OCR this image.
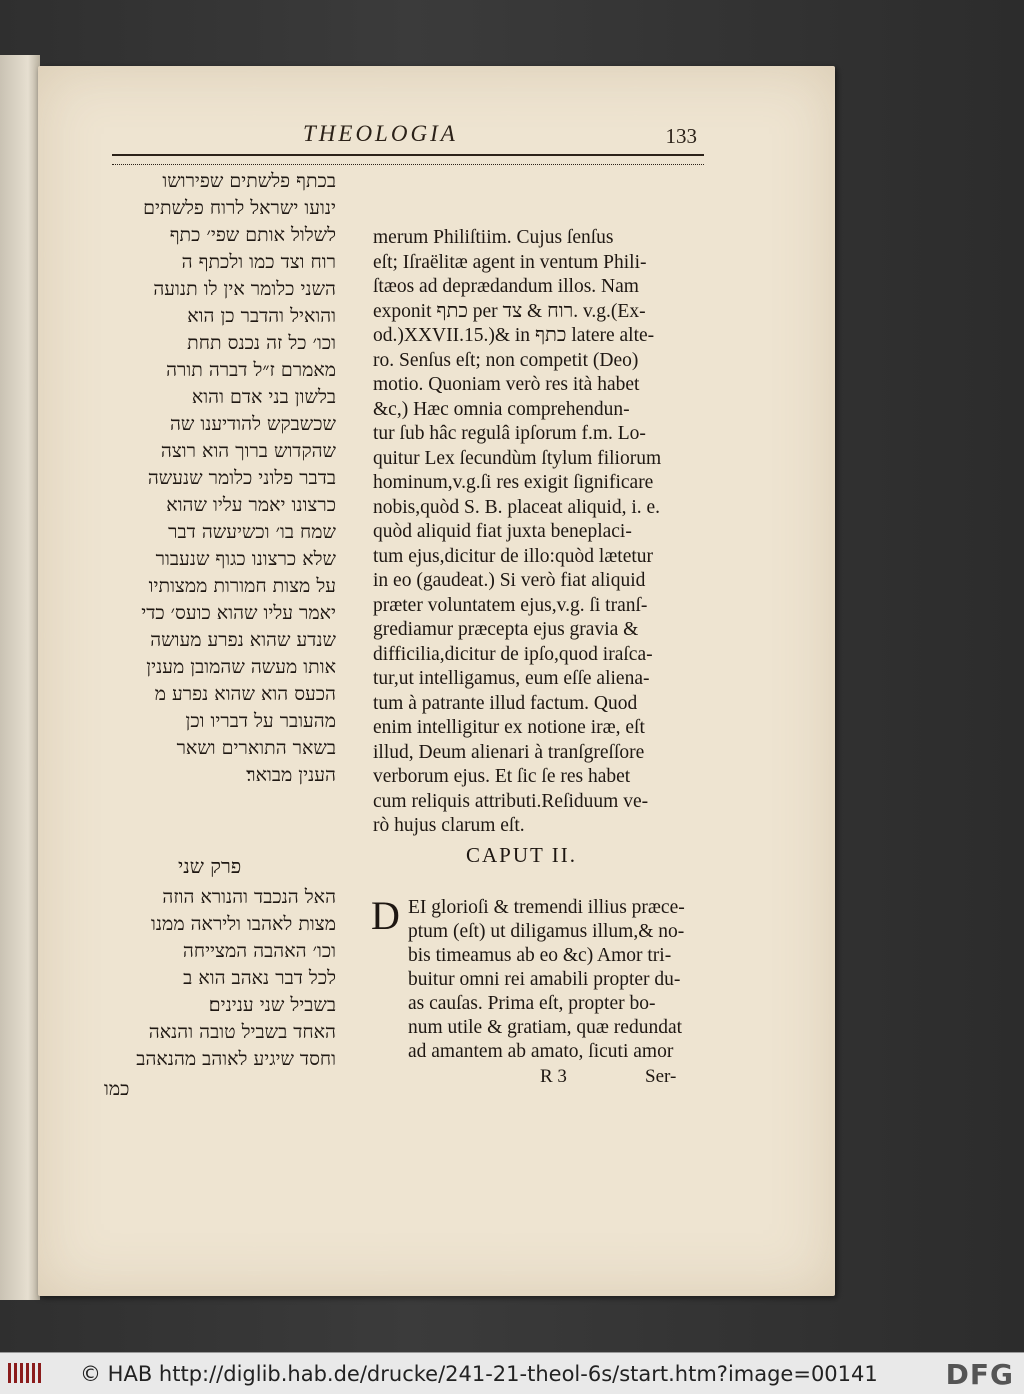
THEOLOGIA	133
בכתף פלשתים שפירושו
ינועו ישראל לרוח פלשתים
לשלול אותם שפי׳ כתף
רוח וצד כמו ולכתף ה
השני כלומר אין לו תנועה
והואיל והדבר כן הוא
וכו׳ כל זה נכנס תחת
מאמרם ז״ל דברה תורה
בלשון בני אדם והוא
שכשבקש להודיענו שה
שהקדוש ברוך הוא רוצה
בדבר פלוני כלומר שנעשה
כרצונו יאמר עליו שהוא
שמח בו׳ וכשיעשה דבר
שלא כרצונו כגוף שנעבור
על מצות חמורות ממצותיו
יאמר עליו שהוא כועס׳ כדי
שנדע שהוא נפרע מעושה
אותו מעשה שהמובן מענין
הכעס הוא שהוא נפרע מ
מהעובר על דבריו וכן
בשאר התוארים ושאר
הענין מבואר׃
פרק שני
האל הנכבד והנורא הוזה
מצות לאהבו וליראה ממנו
וכו׳ האהבה המצייחה
לכל דבר נאהב הוא ב
בשביל שני ענינים׃
האחד בשביל טובה והנאה
וחסד שיגיע לאוהב מהנאהב
כמו
merum Philiſtiim. Cujus ſenſus
eſt; Iſraëlitæ agent in ventum Phili-
ſtæos ad deprædandum illos. Nam
exponit כתף per רוח & צד. v.g.(Ex-
od.)XXVII.15.)& in כתף latere alte-
ro. Senſus eſt; non competit (Deo)
motio. Quoniam verò res ità habet
&c,) Hæc omnia comprehendun-
tur ſub hâc regulâ ipſorum f.m. Lo-
quitur Lex ſecundùm ſtylum filiorum
hominum,v.g.ſi res exigit ſignificare
nobis,quòd S. B. placeat aliquid, i. e.
quòd aliquid fiat juxta beneplaci-
tum ejus,dicitur de illo:quòd lætetur
in eo (gaudeat.) Si verò fiat aliquid
præter voluntatem ejus,v.g. ſi tranſ-
grediamur præcepta ejus gravia &
difficilia,dicitur de ipſo,quod iraſca-
tur,ut intelligamus, eum eſſe aliena-
tum à patrante illud factum. Quod
enim intelligitur ex notione iræ, eſt
illud, Deum alienari à tranſgreſſore
verborum ejus. Et ſic ſe res habet
cum reliquis attributi.Reſiduum ve-
rò hujus clarum eſt.
CAPUT II.
D EI glorioſi & tremendi illius præce-
ptum (eſt) ut diligamus illum,& no-
bis timeamus ab eo &c) Amor tri-
buitur omni rei amabili propter du-
as cauſas. Prima eſt, propter bo-
num utile & gratiam, quæ redundat
ad amantem ab amato, ſicuti amor
R 3	Ser-
© HAB http://diglib.hab.de/drucke/241-21-theol-6s/start.htm?image=00141 DFG
